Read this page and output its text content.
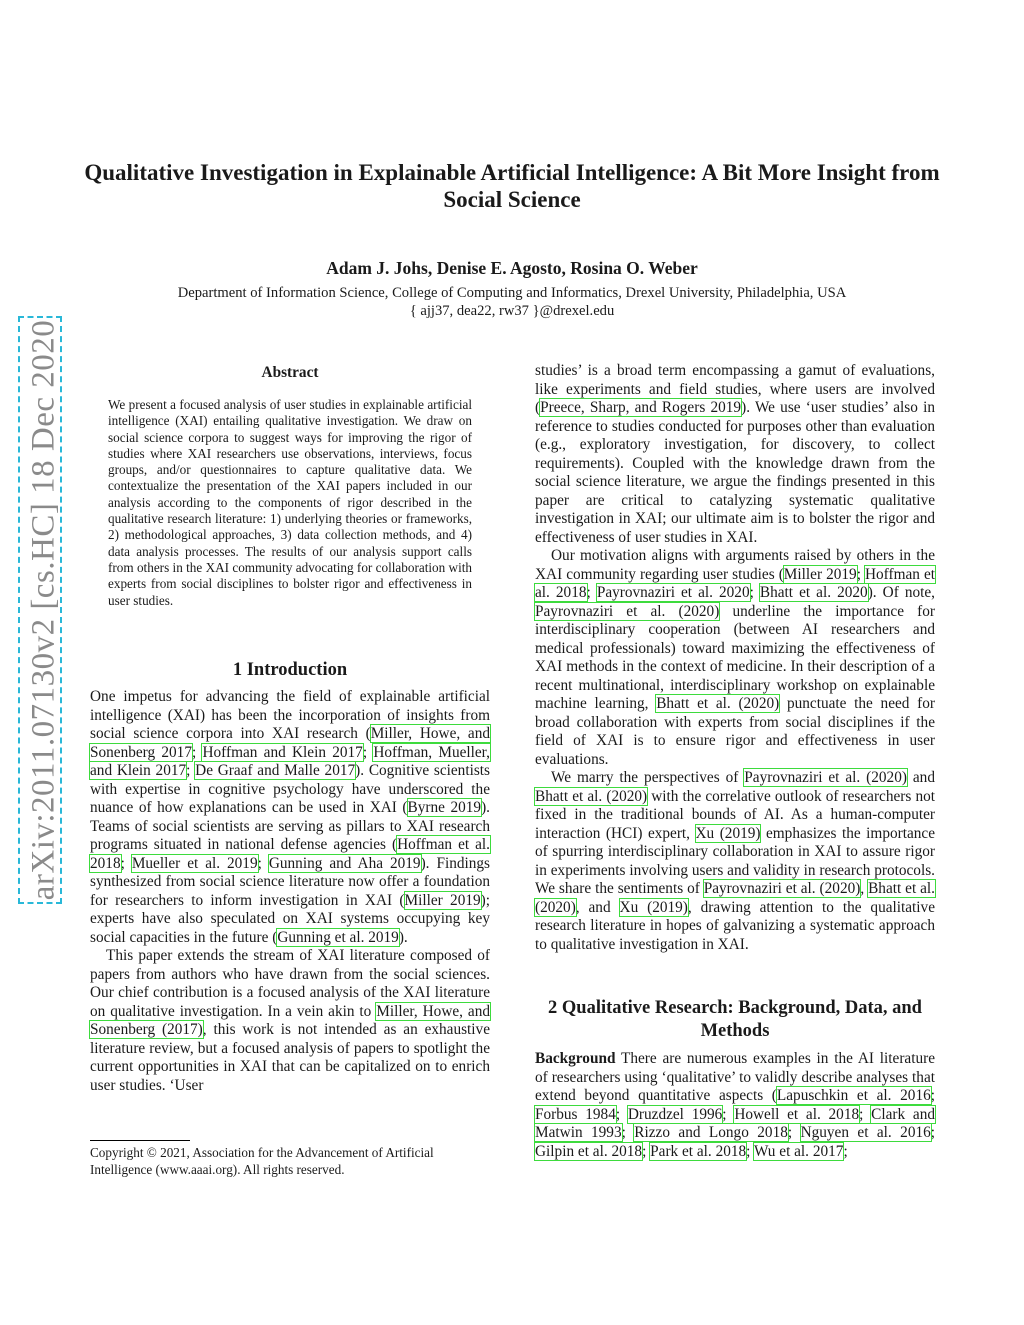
arXiv:2011.07130v2 [cs.HC] 18 Dec 2020
Qualitative Investigation in Explainable Artificial Intelligence: A Bit More Insight from Social Science
Adam J. Johs, Denise E. Agosto, Rosina O. Weber
Department of Information Science, College of Computing and Informatics, Drexel University, Philadelphia, USA
{ ajj37, dea22, rw37 }@drexel.edu
Abstract
We present a focused analysis of user studies in explainable artificial intelligence (XAI) entailing qualitative investigation. We draw on social science corpora to suggest ways for improving the rigor of studies where XAI researchers use observations, interviews, focus groups, and/or questionnaires to capture qualitative data. We contextualize the presentation of the XAI papers included in our analysis according to the components of rigor described in the qualitative research literature: 1) underlying theories or frameworks, 2) methodological approaches, 3) data collection methods, and 4) data analysis processes. The results of our analysis support calls from others in the XAI community advocating for collaboration with experts from social disciplines to bolster rigor and effectiveness in user studies.
1 Introduction

One impetus for advancing the field of explainable artificial intelligence (XAI) has been the incorporation of insights from social science corpora into XAI research (Miller, Howe, and Sonenberg 2017; Hoffman and Klein 2017; Hoffman, Mueller, and Klein 2017; De Graaf and Malle 2017). Cognitive scientists with expertise in cognitive psychology have underscored the nuance of how explanations can be used in XAI (Byrne 2019). Teams of social scientists are serving as pillars to XAI research programs situated in national defense agencies (Hoffman et al. 2018; Mueller et al. 2019; Gunning and Aha 2019). Findings synthesized from social science literature now offer a foundation for researchers to inform investigation in XAI (Miller 2019); experts have also speculated on XAI systems occupying key social capacities in the future (Gunning et al. 2019).

This paper extends the stream of XAI literature composed of papers from authors who have drawn from the social sciences. Our chief contribution is a focused analysis of the XAI literature on qualitative investigation. In a vein akin to Miller, Howe, and Sonenberg (2017), this work is not intended as an exhaustive literature review, but a focused analysis of papers to spotlight the current opportunities in XAI that can be capitalized on to enrich user studies. ‘User

Copyright © 2021, Association for the Advancement of Artificial Intelligence (www.aaai.org). All rights reserved.

studies’ is a broad term encompassing a gamut of evaluations, like experiments and field studies, where users are involved (Preece, Sharp, and Rogers 2019). We use ‘user studies’ also in reference to studies conducted for purposes other than evaluation (e.g., exploratory investigation, for discovery, to collect requirements). Coupled with the knowledge drawn from the social science literature, we argue the findings presented in this paper are critical to catalyzing systematic qualitative investigation in XAI; our ultimate aim is to bolster the rigor and effectiveness of user studies in XAI.

Our motivation aligns with arguments raised by others in the XAI community regarding user studies (Miller 2019; Hoffman et al. 2018; Payrovnaziri et al. 2020; Bhatt et al. 2020). Of note, Payrovnaziri et al. (2020) underline the importance for interdisciplinary cooperation (between AI researchers and medical professionals) toward maximizing the effectiveness of XAI methods in the context of medicine. In their description of a recent multinational, interdisciplinary workshop on explainable machine learning, Bhatt et al. (2020) punctuate the need for broad collaboration with experts from social disciplines if the field of XAI is to ensure rigor and effectiveness in user evaluations.

We marry the perspectives of Payrovnaziri et al. (2020) and Bhatt et al. (2020) with the correlative outlook of researchers not fixed in the traditional bounds of AI. As a human-computer interaction (HCI) expert, Xu (2019) emphasizes the importance of spurring interdisciplinary collaboration in XAI to assure rigor in experiments involving users and validity in research protocols. We share the sentiments of Payrovnaziri et al. (2020), Bhatt et al. (2020), and Xu (2019), drawing attention to the qualitative research literature in hopes of galvanizing a systematic approach to qualitative investigation in XAI.

2 Qualitative Research: Background, Data, and Methods

Background There are numerous examples in the AI literature of researchers using ‘qualitative’ to validly describe analyses that extend beyond quantitative aspects (Lapuschkin et al. 2016; Forbus 1984; Druzdzel 1996; Howell et al. 2018; Clark and Matwin 1993; Rizzo and Longo 2018; Nguyen et al. 2016; Gilpin et al. 2018; Park et al. 2018; Wu et al. 2017;
